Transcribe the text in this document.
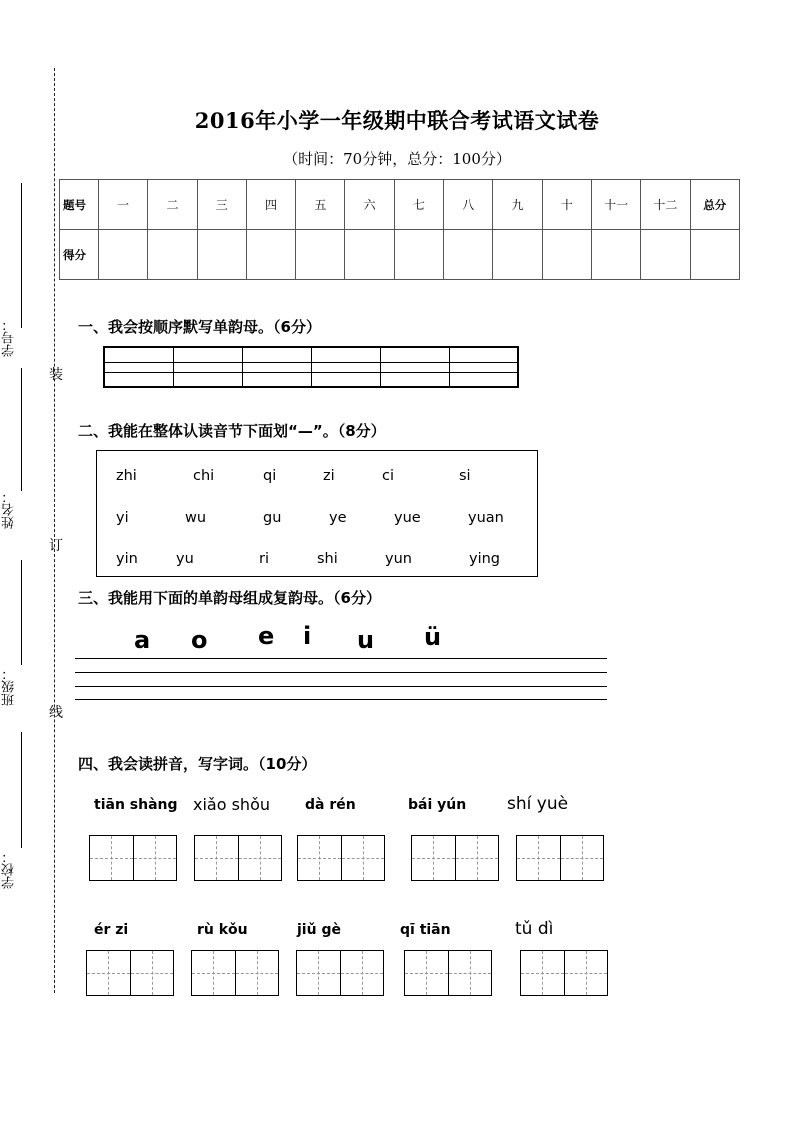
装
订
线
学号：
姓名：
班级：
学校：
2016年小学一年级期中联合考试语文试卷
（时间：70分钟，总分：100分）
题号	一	二	三	四	五	六	七	八	九	十	十一	十二	总分
得分													
一、我会按顺序默写单韵母。（6分）

二、我能在整体认读音节下面划“—”。（8分）
zhi	chi	qi	zi	ci	si
yi	wu	gu	ye	yue	yuan
yin	yu	ri	shi	yun	ying
三、我能用下面的单韵母组成复韵母。（6分）
a o e i u ü
四、我会读拼音，写字词。（10分）
tiān shàng xiǎo shǒu	dà rén	bái yún shí yuè
ér zi	rù kǒu	jiǔ gè	qī tiān	tǔ dì
